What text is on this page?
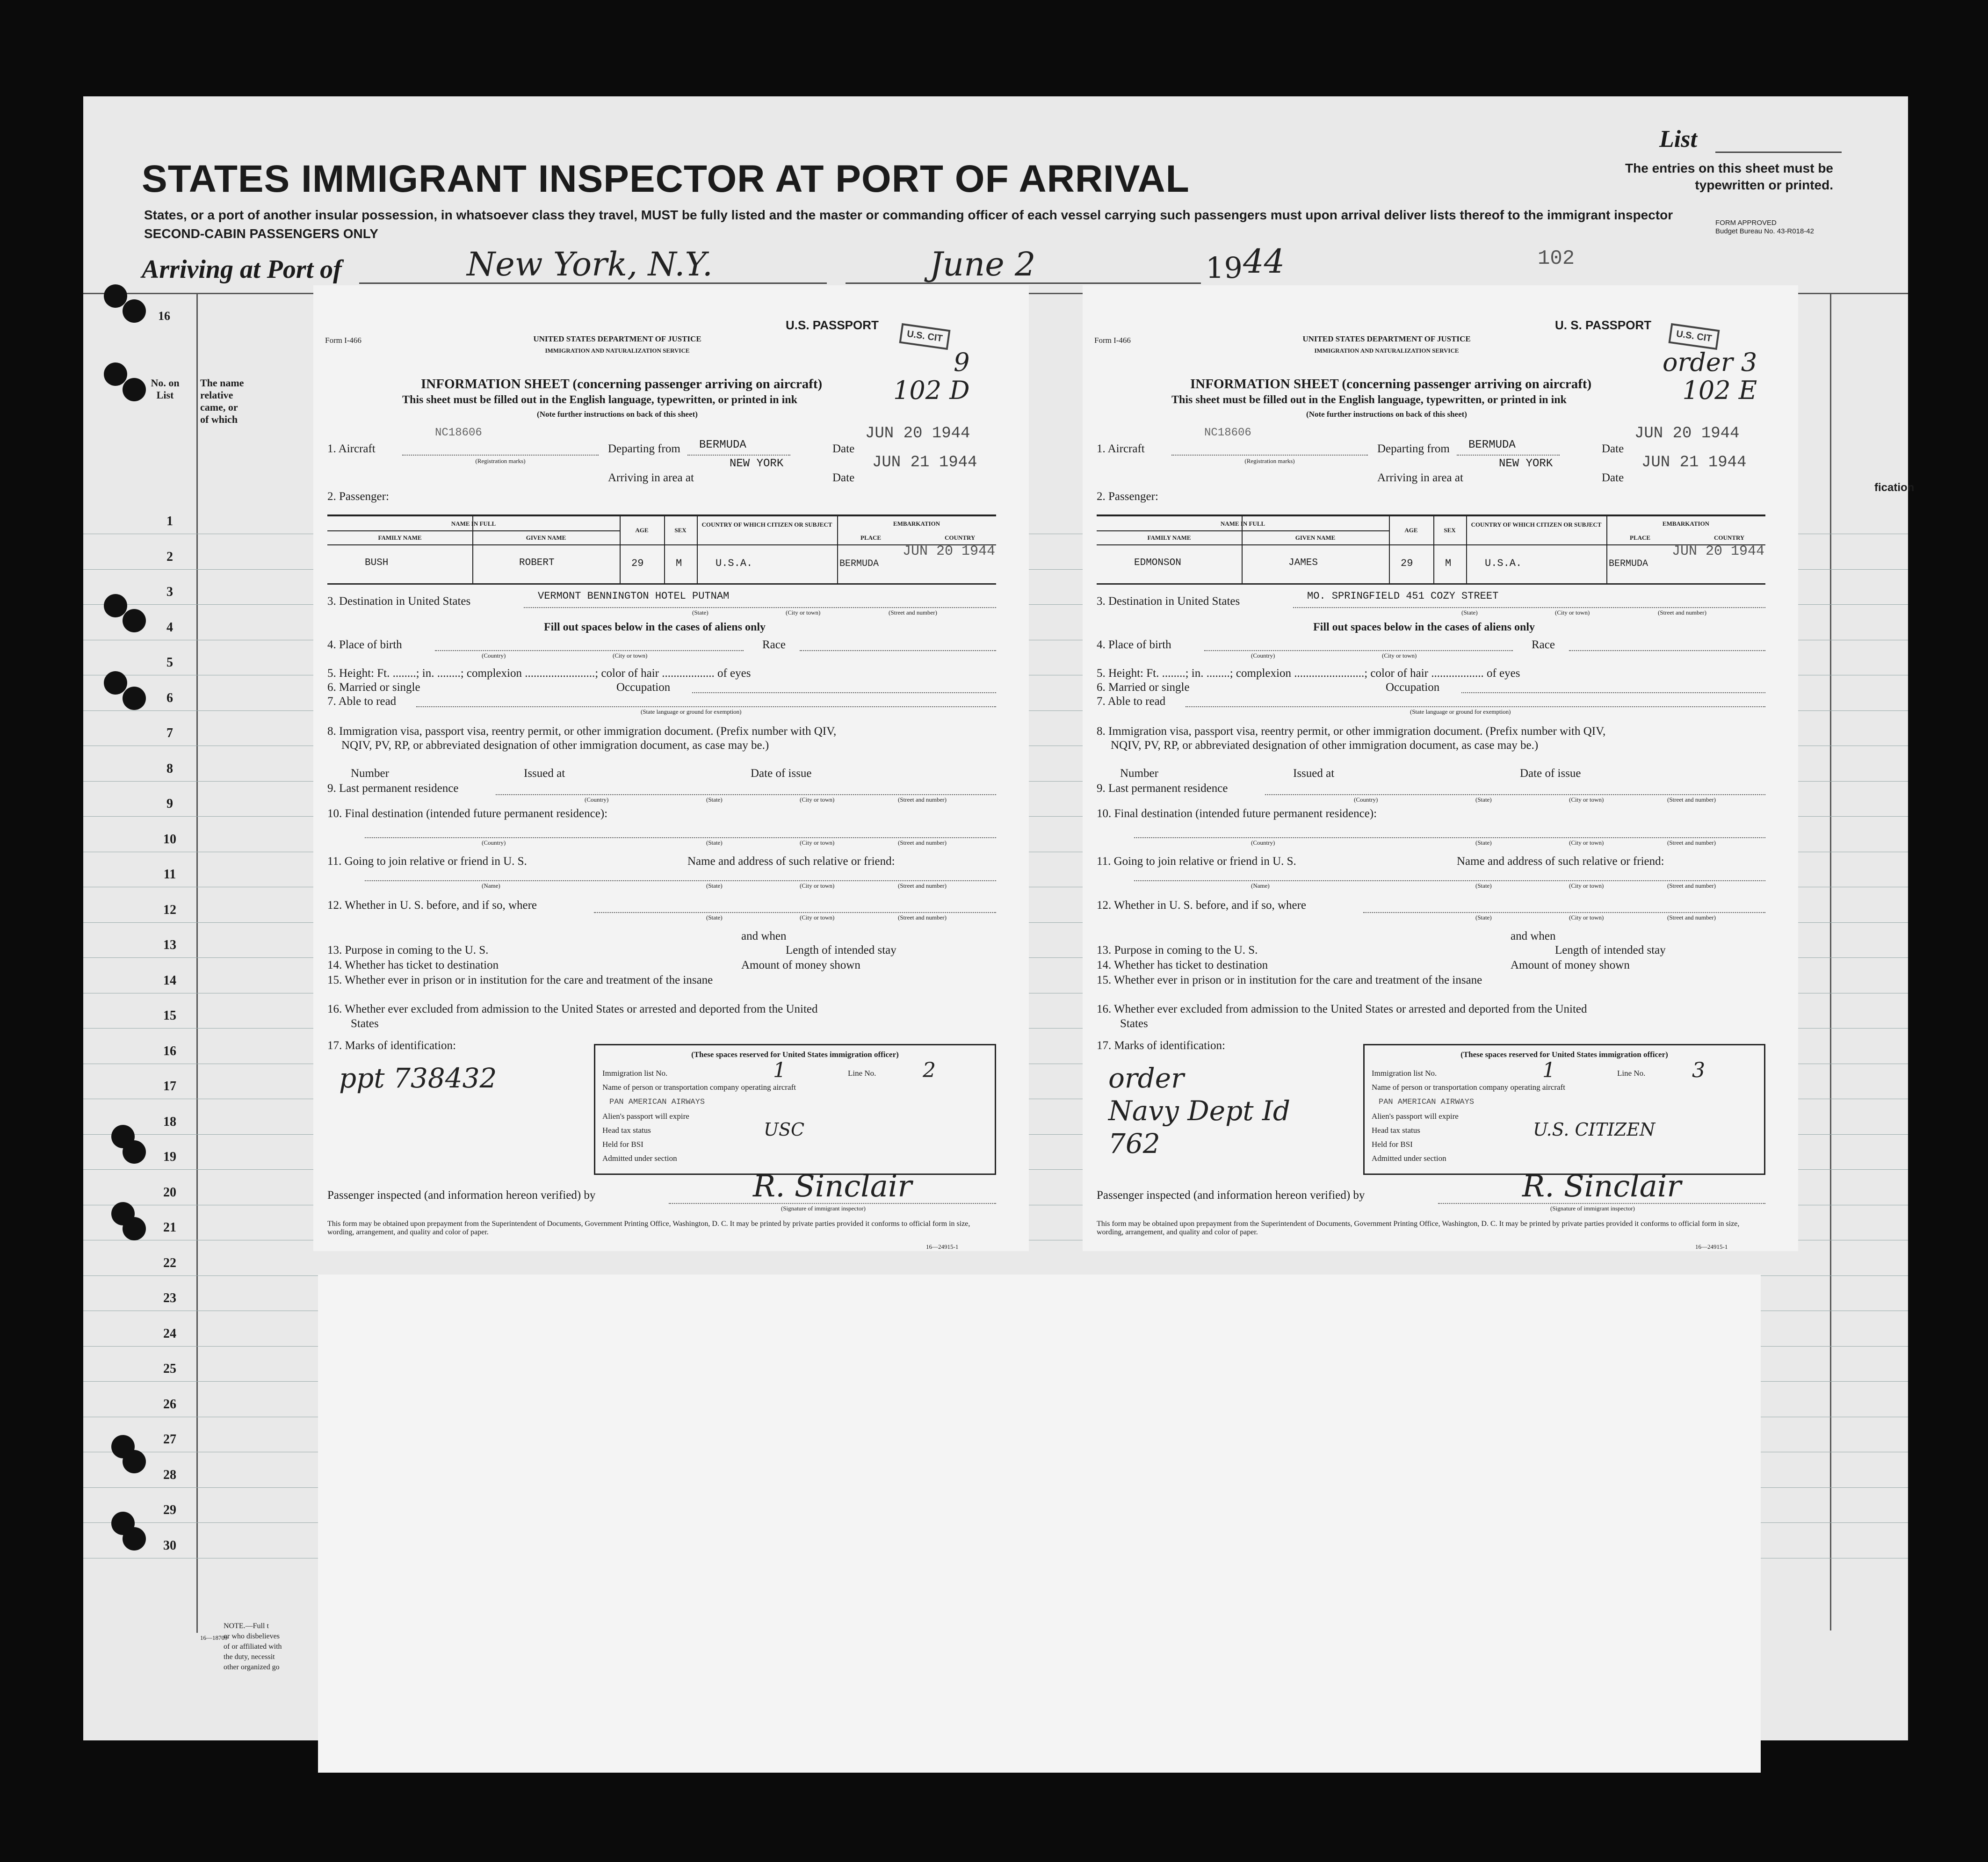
List
The entries on this sheet must be typewritten or printed.
FORM APPROVED
Budget Bureau No. 43-R018-42
102
STATES IMMIGRANT INSPECTOR AT PORT OF ARRIVAL
States, or a port of another insular possession, in whatsoever class they travel, MUST be fully listed and the master or commanding officer of each vessel carrying such passengers must upon arrival deliver lists thereof to the immigrant inspector
SECOND-CABIN PASSENGERS ONLY
Arriving at Port of	New York, N.Y.	June 2	19 44
16
No. on List
The name relative came, or of which
fication
1
2
3
4
5
6
7
8
9
10
11
12
13
14
15
16
17
18
19
20
21
22
23
24
25
26
27
28
29
30
16—18709
NOTE.—Full t
or who disbelieves
of or affiliated with
the duty, necessit
other organized go
U.S. PASSPORT
U.S. CIT
9
102 D
Form I-466	UNITED STATES DEPARTMENT OF JUSTICE
IMMIGRATION AND NATURALIZATION SERVICE
INFORMATION SHEET (concerning passenger arriving on aircraft)
This sheet must be filled out in the English language, typewritten, or printed in ink
(Note further instructions on back of this sheet)
1. Aircraft
NC18606
(Registration marks)
Departing from BERMUDA	Date
JUN 20 1944
Arriving in area at
NEW YORK
Date
JUN 21 1944
2. Passenger:
NAME IN FULL
FAMILY NAME	GIVEN NAME
AGE	SEX
COUNTRY OF WHICH CITIZEN OR SUBJECT	EMBARKATION
PLACE	COUNTRY
BUSH	ROBERT	29	M	U.S.A.	BERMUDA
JUN 20 1944
3. Destination in United States	VERMONT BENNINGTON HOTEL PUTNAM
(State)	(City or town)	(Street and number)
Fill out spaces below in the cases of aliens only
4. Place of birth
(Country)	(City or town)
Race
5. Height: Ft. ........; in. ........; complexion ........................; color of hair .................. of eyes
6. Married or single	Occupation
7. Able to read
(State language or ground for exemption)
8. Immigration visa, passport visa, reentry permit, or other immigration document. (Prefix number with QIV,
NQIV, PV, RP, or abbreviated designation of other immigration document, as case may be.)
Number	Issued at	Date of issue
9. Last permanent residence
(Country)	(State)	(City or town)	(Street and number)
10. Final destination (intended future permanent residence):
(Country)	(State)	(City or town)	(Street and number)
11. Going to join relative or friend in U. S.	Name and address of such relative or friend:
(Name)	(State)	(City or town)	(Street and number)
12. Whether in U. S. before, and if so, where
(State)	(City or town)	(Street and number)
and when
13. Purpose in coming to the U. S.	Length of intended stay
14. Whether has ticket to destination	Amount of money shown
15. Whether ever in prison or in institution for the care and treatment of the insane
16. Whether ever excluded from admission to the United States or arrested and deported from the United
States
17. Marks of identification:
ppt 738432
(These spaces reserved for United States immigration officer)
Immigration list No.	1	Line No. 2
Name of person or transportation company operating aircraft
PAN AMERICAN AIRWAYS
Alien's passport will expire
Head tax status
Held for BSI
USC
Admitted under section
Passenger inspected (and information hereon verified) by	R. Sinclair
(Signature of immigrant inspector)
This form may be obtained upon prepayment from the Superintendent of Documents, Government Printing Office, Washington, D. C. It may be printed by private parties provided it conforms to official form in size, wording, arrangement, and quality and color of paper.
16—24915-1
U. S. PASSPORT
U.S. CIT
order 3
102 E
Form I-466	UNITED STATES DEPARTMENT OF JUSTICE
IMMIGRATION AND NATURALIZATION SERVICE
INFORMATION SHEET (concerning passenger arriving on aircraft)
This sheet must be filled out in the English language, typewritten, or printed in ink
(Note further instructions on back of this sheet)
1. Aircraft
NC18606
(Registration marks)
Departing from BERMUDA	Date
JUN 20 1944
Arriving in area at
NEW YORK
Date
JUN 21 1944
2. Passenger:
NAME IN FULL
FAMILY NAME	GIVEN NAME
AGE	SEX
COUNTRY OF WHICH CITIZEN OR SUBJECT	EMBARKATION
PLACE	COUNTRY
EDMONSON	JAMES	29	M	U.S.A.	BERMUDA
JUN 20 1944
3. Destination in United States	MO. SPRINGFIELD 451 COZY STREET
(State)	(City or town)	(Street and number)
Fill out spaces below in the cases of aliens only
4. Place of birth
(Country)	(City or town)
Race
5. Height: Ft. ........; in. ........; complexion ........................; color of hair .................. of eyes
6. Married or single	Occupation
7. Able to read
(State language or ground for exemption)
8. Immigration visa, passport visa, reentry permit, or other immigration document. (Prefix number with QIV,
NQIV, PV, RP, or abbreviated designation of other immigration document, as case may be.)
Number	Issued at	Date of issue
9. Last permanent residence
(Country)	(State)	(City or town)	(Street and number)
10. Final destination (intended future permanent residence):
(Country)	(State)	(City or town)	(Street and number)
11. Going to join relative or friend in U. S.	Name and address of such relative or friend:
(Name)	(State)	(City or town)	(Street and number)
12. Whether in U. S. before, and if so, where
(State)	(City or town)	(Street and number)
and when
13. Purpose in coming to the U. S.	Length of intended stay
14. Whether has ticket to destination	Amount of money shown
15. Whether ever in prison or in institution for the care and treatment of the insane
16. Whether ever excluded from admission to the United States or arrested and deported from the United
States
17. Marks of identification:
order
Navy Dept Id
762
(These spaces reserved for United States immigration officer)
Immigration list No.	1	Line No. 3
Name of person or transportation company operating aircraft
PAN AMERICAN AIRWAYS
Alien's passport will expire
Head tax status
Held for BSI
U.S. CITIZEN
Admitted under section
Passenger inspected (and information hereon verified) by	R. Sinclair
(Signature of immigrant inspector)
This form may be obtained upon prepayment from the Superintendent of Documents, Government Printing Office, Washington, D. C. It may be printed by private parties provided it conforms to official form in size, wording, arrangement, and quality and color of paper.
16—24915-1
